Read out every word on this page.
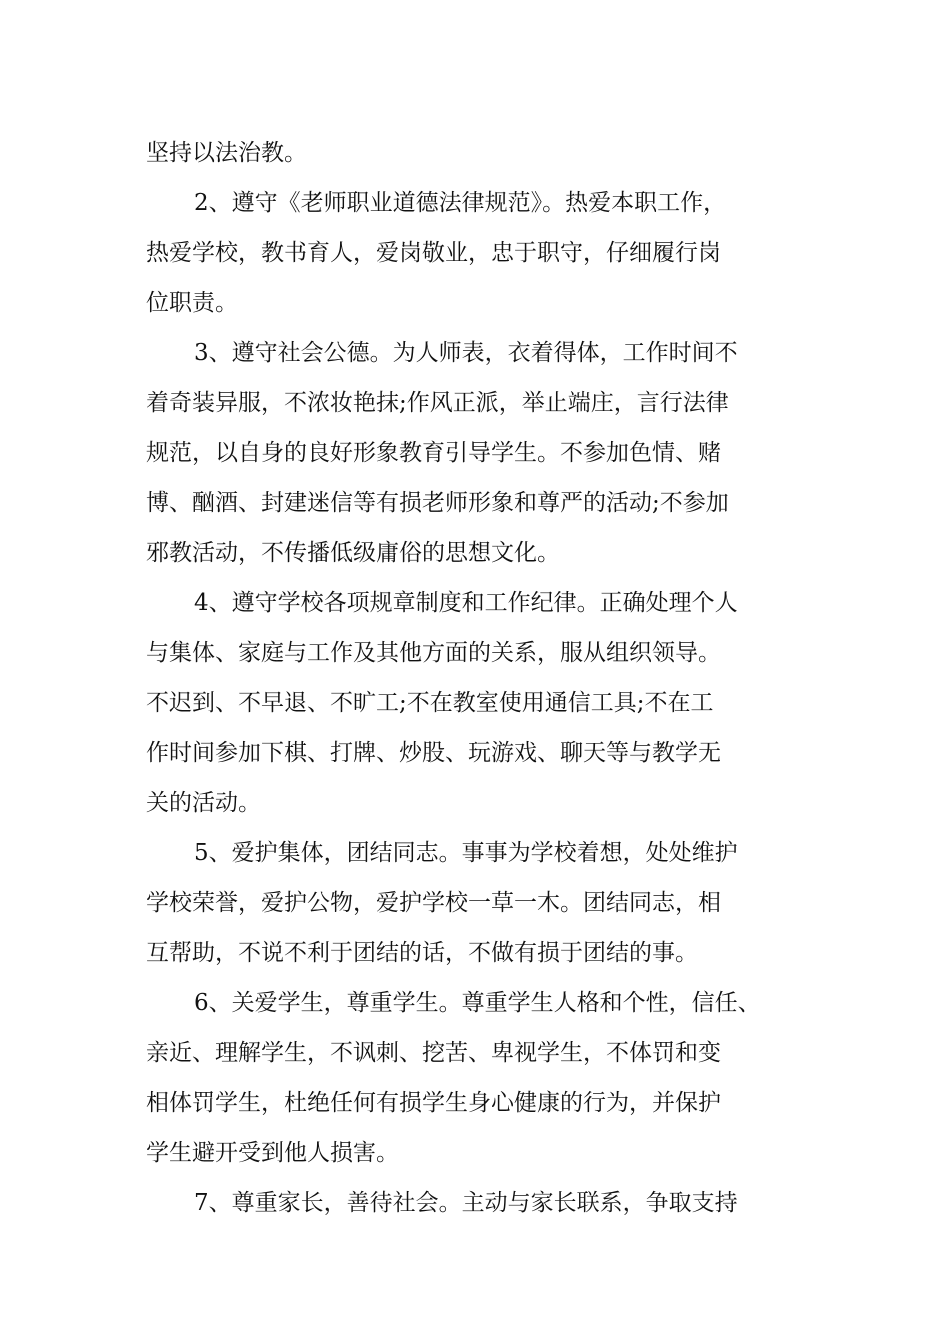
坚持以法治教。
2、遵守《老师职业道德法律规范》。热爱本职工作，
热爱学校，教书育人，爱岗敬业，忠于职守，仔细履行岗
位职责。
3、遵守社会公德。为人师表，衣着得体，工作时间不
着奇装异服，不浓妆艳抹;作风正派，举止端庄，言行法律
规范，以自身的良好形象教育引导学生。不参加色情、赌
博、酗酒、封建迷信等有损老师形象和尊严的活动;不参加
邪教活动，不传播低级庸俗的思想文化。
4、遵守学校各项规章制度和工作纪律。正确处理个人
与集体、家庭与工作及其他方面的关系，服从组织领导。
不迟到、不早退、不旷工;不在教室使用通信工具;不在工
作时间参加下棋、打牌、炒股、玩游戏、聊天等与教学无
关的活动。
5、爱护集体，团结同志。事事为学校着想，处处维护
学校荣誉，爱护公物，爱护学校一草一木。团结同志，相
互帮助，不说不利于团结的话，不做有损于团结的事。
6、关爱学生，尊重学生。尊重学生人格和个性，信任、
亲近、理解学生，不讽刺、挖苦、卑视学生，不体罚和变
相体罚学生，杜绝任何有损学生身心健康的行为，并保护
学生避开受到他人损害。
7、尊重家长，善待社会。主动与家长联系，争取支持
